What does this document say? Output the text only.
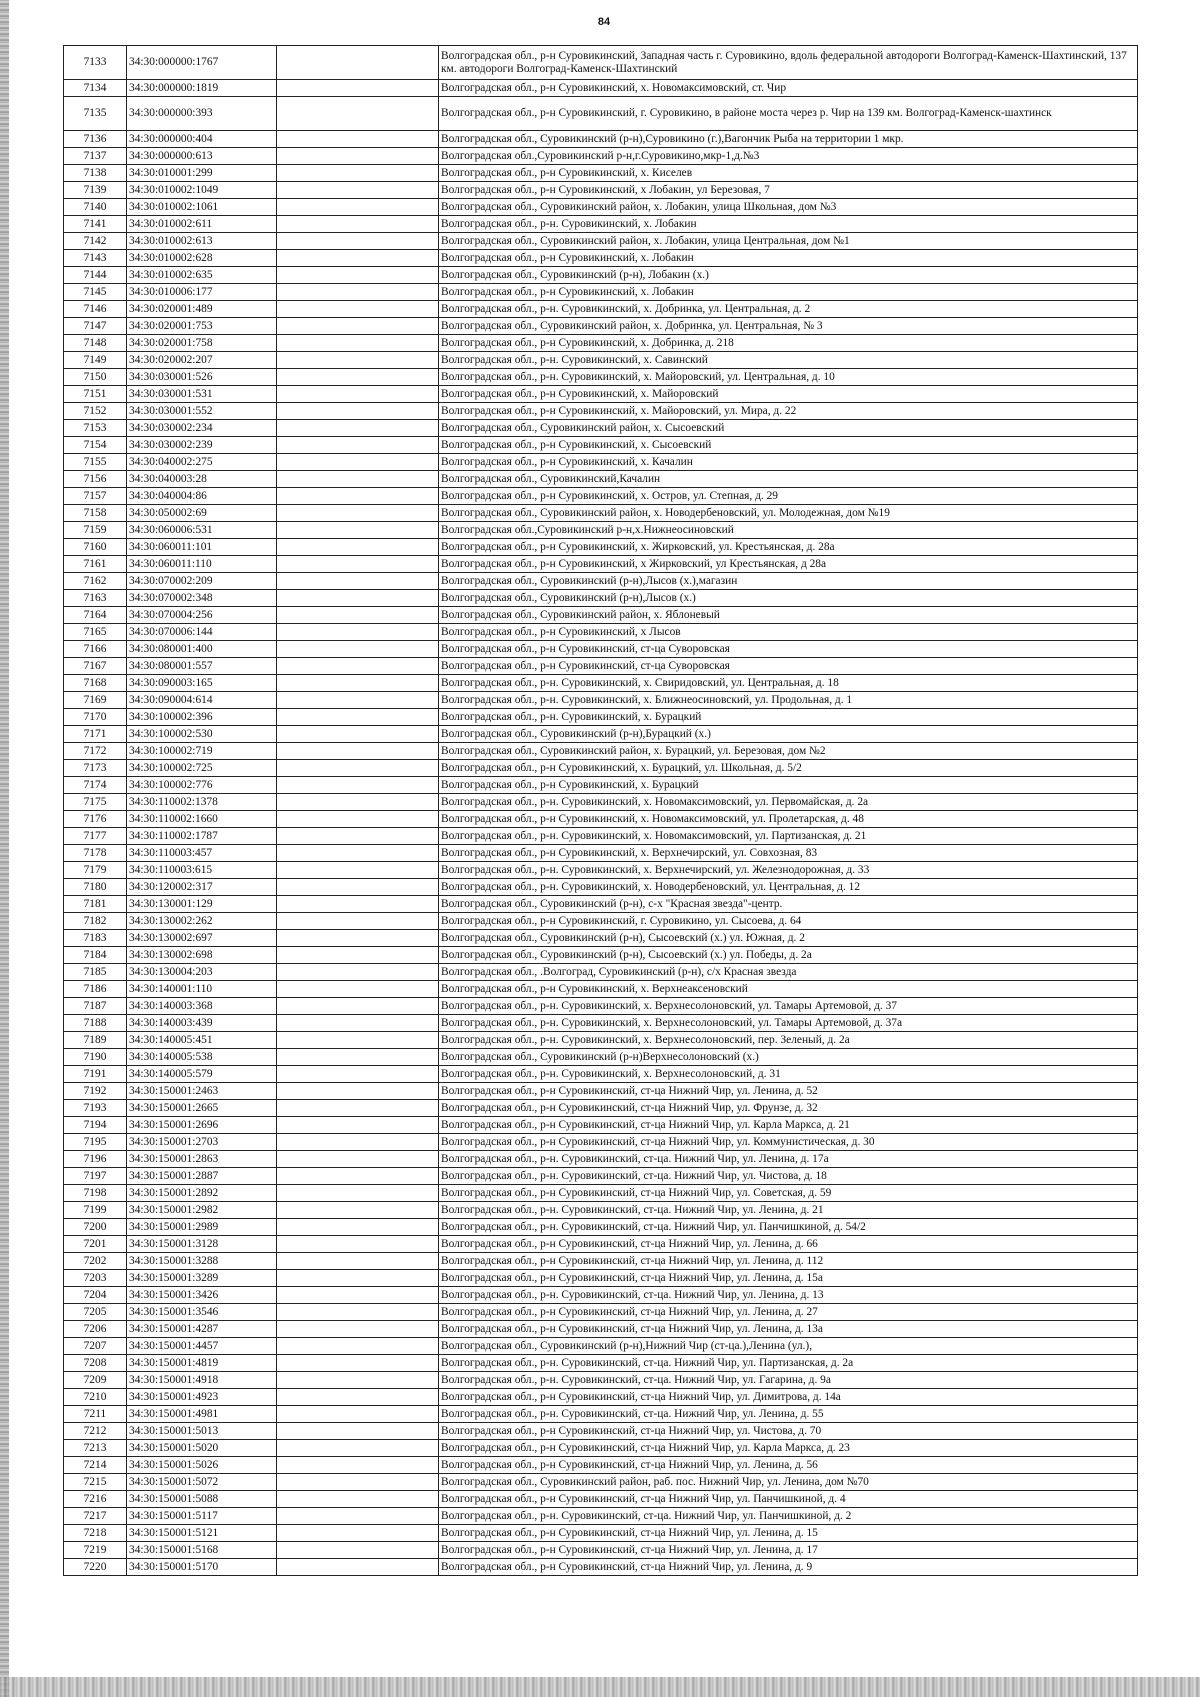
84
7133	34:30:000000:1767		Волгоградская обл., р-н Суровикинский, Западная часть г. Суровикино, вдоль федеральной автодороги Волгоград-Каменск-Шахтинский, 137 км. автодороги Волгоград-Каменск-Шахтинский
7134	34:30:000000:1819		Волгоградская обл., р-н Суровикинский, х. Новомаксимовский, ст. Чир
7135	34:30:000000:393		Волгоградская обл., р-н Суровикинский, г. Суровикино, в районе моста через р. Чир на 139 км. Волгоград-Каменск-шахтинск
7136	34:30:000000:404		Волгоградская обл., Суровикинский (р-н),Суровикино (г.),Вагончик Рыба на территории 1 мкр.
7137	34:30:000000:613		Волгоградская обл.,Суровикинский р-н,г.Суровикино,мкр-1,д.№3
7138	34:30:010001:299		Волгоградская обл., р-н Суровикинский, х. Киселев
7139	34:30:010002:1049		Волгоградская обл., р-н Суровикинский, х Лобакин, ул Березовая, 7
7140	34:30:010002:1061		Волгоградская обл., Суровикинский район, х. Лобакин, улица Школьная, дом №3
7141	34:30:010002:611		Волгоградская обл., р-н. Суровикинский, х. Лобакин
7142	34:30:010002:613		Волгоградская обл., Суровикинский район, х. Лобакин, улица Центральная, дом №1
7143	34:30:010002:628		Волгоградская обл., р-н Суровикинский, х. Лобакин
7144	34:30:010002:635		Волгоградская обл., Суровикинский (р-н), Лобакин (х.)
7145	34:30:010006:177		Волгоградская обл., р-н Суровикинский, х. Лобакин
7146	34:30:020001:489		Волгоградская обл., р-н. Суровикинский, х. Добринка, ул. Центральная, д. 2
7147	34:30:020001:753		Волгоградская обл., Суровикинский район, х. Добринка, ул. Центральная, № 3
7148	34:30:020001:758		Волгоградская обл., р-н Суровикинский, х. Добринка, д. 218
7149	34:30:020002:207		Волгоградская обл., р-н. Суровикинский, х. Савинский
7150	34:30:030001:526		Волгоградская обл., р-н. Суровикинский, х. Майоровский, ул. Центральная, д. 10
7151	34:30:030001:531		Волгоградская обл., р-н Суровикинский, х. Майоровский
7152	34:30:030001:552		Волгоградская обл., р-н Суровикинский, х. Майоровский, ул. Мира, д. 22
7153	34:30:030002:234		Волгоградская обл., Суровикинский район, х. Сысоевский
7154	34:30:030002:239		Волгоградская обл., р-н Суровикинский, х. Сысоевский
7155	34:30:040002:275		Волгоградская обл., р-н Суровикинский, х. Качалин
7156	34:30:040003:28		Волгоградская обл., Суровикинский,Качалин
7157	34:30:040004:86		Волгоградская обл., р-н Суровикинский, х. Остров, ул. Степная, д. 29
7158	34:30:050002:69		Волгоградская обл., Суровикинский район, х. Новодербеновский, ул. Молодежная, дом №19
7159	34:30:060006:531		Волгоградская обл.,Суровикинский р-н,х.Нижнеосиновский
7160	34:30:060011:101		Волгоградская обл., р-н Суровикинский, х. Жирковский, ул. Крестьянская, д. 28а
7161	34:30:060011:110		Волгоградская обл., р-н Суровикинский, х Жирковский, ул Крестьянская, д 28а
7162	34:30:070002:209		Волгоградская обл., Суровикинский (р-н),Лысов (х.),магазин
7163	34:30:070002:348		Волгоградская обл., Суровикинский (р-н),Лысов (х.)
7164	34:30:070004:256		Волгоградская обл., Суровикинский район, х. Яблоневый
7165	34:30:070006:144		Волгоградская обл., р-н Суровикинский, х Лысов
7166	34:30:080001:400		Волгоградская обл., р-н Суровикинский, ст-ца Суворовская
7167	34:30:080001:557		Волгоградская обл., р-н Суровикинский, ст-ца Суворовская
7168	34:30:090003:165		Волгоградская обл., р-н. Суровикинский, х. Свиридовский, ул. Центральная, д. 18
7169	34:30:090004:614		Волгоградская обл., р-н. Суровикинский, х. Ближнеосиновский, ул. Продольная, д. 1
7170	34:30:100002:396		Волгоградская обл., р-н. Суровикинский, х. Бурацкий
7171	34:30:100002:530		Волгоградская обл., Суровикинский (р-н),Бурацкий (х.)
7172	34:30:100002:719		Волгоградская обл., Суровикинский район, х. Бурацкий, ул. Березовая, дом №2
7173	34:30:100002:725		Волгоградская обл., р-н Суровикинский, х. Бурацкий, ул. Школьная, д. 5/2
7174	34:30:100002:776		Волгоградская обл., р-н Суровикинский, х. Бурацкий
7175	34:30:110002:1378		Волгоградская обл., р-н. Суровикинский, х. Новомаксимовский, ул. Первомайская, д. 2а
7176	34:30:110002:1660		Волгоградская обл., р-н Суровикинский, х. Новомаксимовский, ул. Пролетарская, д. 48
7177	34:30:110002:1787		Волгоградская обл., р-н. Суровикинский, х. Новомаксимовский, ул. Партизанская, д. 21
7178	34:30:110003:457		Волгоградская обл., р-н Суровикинский, х. Верхнечирский, ул. Совхозная, 83
7179	34:30:110003:615		Волгоградская обл., р-н. Суровикинский, х. Верхнечирский, ул. Железнодорожная, д. 33
7180	34:30:120002:317		Волгоградская обл., р-н. Суровикинский, х. Новодербеновский, ул. Центральная, д. 12
7181	34:30:130001:129		Волгоградская обл., Суровикинский (р-н), с-х "Красная звезда"-центр.
7182	34:30:130002:262		Волгоградская обл., р-н Суровикинский, г. Суровикино, ул. Сысоева, д. 64
7183	34:30:130002:697		Волгоградская обл., Суровикинский (р-н), Сысоевский (х.) ул. Южная, д. 2
7184	34:30:130002:698		Волгоградская обл., Суровикинский (р-н), Сысоевский (х.) ул. Победы, д. 2а
7185	34:30:130004:203		Волгоградская обл., .Волгоград, Суровикинский (р-н), с/х Красная звезда
7186	34:30:140001:110		Волгоградская обл., р-н Суровикинский, х. Верхнеаксеновский
7187	34:30:140003:368		Волгоградская обл., р-н. Суровикинский, х. Верхнесолоновский, ул. Тамары Артемовой, д. 37
7188	34:30:140003:439		Волгоградская обл., р-н. Суровикинский, х. Верхнесолоновский, ул. Тамары Артемовой, д. 37а
7189	34:30:140005:451		Волгоградская обл., р-н. Суровикинский, х. Верхнесолоновский, пер. Зеленый, д. 2а
7190	34:30:140005:538		Волгоградская обл., Суровикинский (р-н)Верхнесолоновский (х.)
7191	34:30:140005:579		Волгоградская обл., р-н. Суровикинский, х. Верхнесолоновский, д. 31
7192	34:30:150001:2463		Волгоградская обл., р-н Суровикинский, ст-ца Нижний Чир, ул. Ленина, д. 52
7193	34:30:150001:2665		Волгоградская обл., р-н Суровикинский, ст-ца Нижний Чир, ул. Фрунзе, д. 32
7194	34:30:150001:2696		Волгоградская обл., р-н Суровикинский, ст-ца Нижний Чир, ул. Карла Маркса, д. 21
7195	34:30:150001:2703		Волгоградская обл., р-н Суровикинский, ст-ца Нижний Чир, ул. Коммунистическая, д. 30
7196	34:30:150001:2863		Волгоградская обл., р-н. Суровикинский, ст-ца. Нижний Чир, ул. Ленина, д. 17а
7197	34:30:150001:2887		Волгоградская обл., р-н. Суровикинский, ст-ца. Нижний Чир, ул. Чистова, д. 18
7198	34:30:150001:2892		Волгоградская обл., р-н Суровикинский, ст-ца Нижний Чир, ул. Советская, д. 59
7199	34:30:150001:2982		Волгоградская обл., р-н. Суровикинский, ст-ца. Нижний Чир, ул. Ленина, д. 21
7200	34:30:150001:2989		Волгоградская обл., р-н. Суровикинский, ст-ца. Нижний Чир, ул. Панчишкиной, д. 54/2
7201	34:30:150001:3128		Волгоградская обл., р-н Суровикинский, ст-ца Нижний Чир, ул. Ленина, д. 66
7202	34:30:150001:3288		Волгоградская обл., р-н Суровикинский, ст-ца Нижний Чир, ул. Ленина, д. 112
7203	34:30:150001:3289		Волгоградская обл., р-н Суровикинский, ст-ца Нижний Чир, ул. Ленина, д. 15а
7204	34:30:150001:3426		Волгоградская обл., р-н. Суровикинский, ст-ца. Нижний Чир, ул. Ленина, д. 13
7205	34:30:150001:3546		Волгоградская обл., р-н Суровикинский, ст-ца Нижний Чир, ул. Ленина, д. 27
7206	34:30:150001:4287		Волгоградская обл., р-н Суровикинский, ст-ца Нижний Чир, ул. Ленина, д. 13а
7207	34:30:150001:4457		Волгоградская обл., Суровикинский (р-н),Нижний Чир (ст-ца.),Ленина (ул.),
7208	34:30:150001:4819		Волгоградская обл., р-н. Суровикинский, ст-ца. Нижний Чир, ул. Партизанская, д. 2а
7209	34:30:150001:4918		Волгоградская обл., р-н. Суровикинский, ст-ца. Нижний Чир, ул. Гагарина, д. 9а
7210	34:30:150001:4923		Волгоградская обл., р-н Суровикинский, ст-ца Нижний Чир, ул. Димитрова, д. 14а
7211	34:30:150001:4981		Волгоградская обл., р-н. Суровикинский, ст-ца. Нижний Чир, ул. Ленина, д. 55
7212	34:30:150001:5013		Волгоградская обл., р-н Суровикинский, ст-ца Нижний Чир, ул. Чистова, д. 70
7213	34:30:150001:5020		Волгоградская обл., р-н Суровикинский, ст-ца Нижний Чир, ул. Карла Маркса, д. 23
7214	34:30:150001:5026		Волгоградская обл., р-н Суровикинский, ст-ца Нижний Чир, ул. Ленина, д. 56
7215	34:30:150001:5072		Волгоградская обл., Суровикинский район, раб. пос. Нижний Чир, ул. Ленина, дом №70
7216	34:30:150001:5088		Волгоградская обл., р-н Суровикинский, ст-ца Нижний Чир, ул. Панчишкиной, д. 4
7217	34:30:150001:5117		Волгоградская обл., р-н. Суровикинский, ст-ца. Нижний Чир, ул. Панчишкиной, д. 2
7218	34:30:150001:5121		Волгоградская обл., р-н Суровикинский, ст-ца Нижний Чир, ул. Ленина, д. 15
7219	34:30:150001:5168		Волгоградская обл., р-н Суровикинский, ст-ца Нижний Чир, ул. Ленина, д. 17
7220	34:30:150001:5170		Волгоградская обл., р-н Суровикинский, ст-ца Нижний Чир, ул. Ленина, д. 9
